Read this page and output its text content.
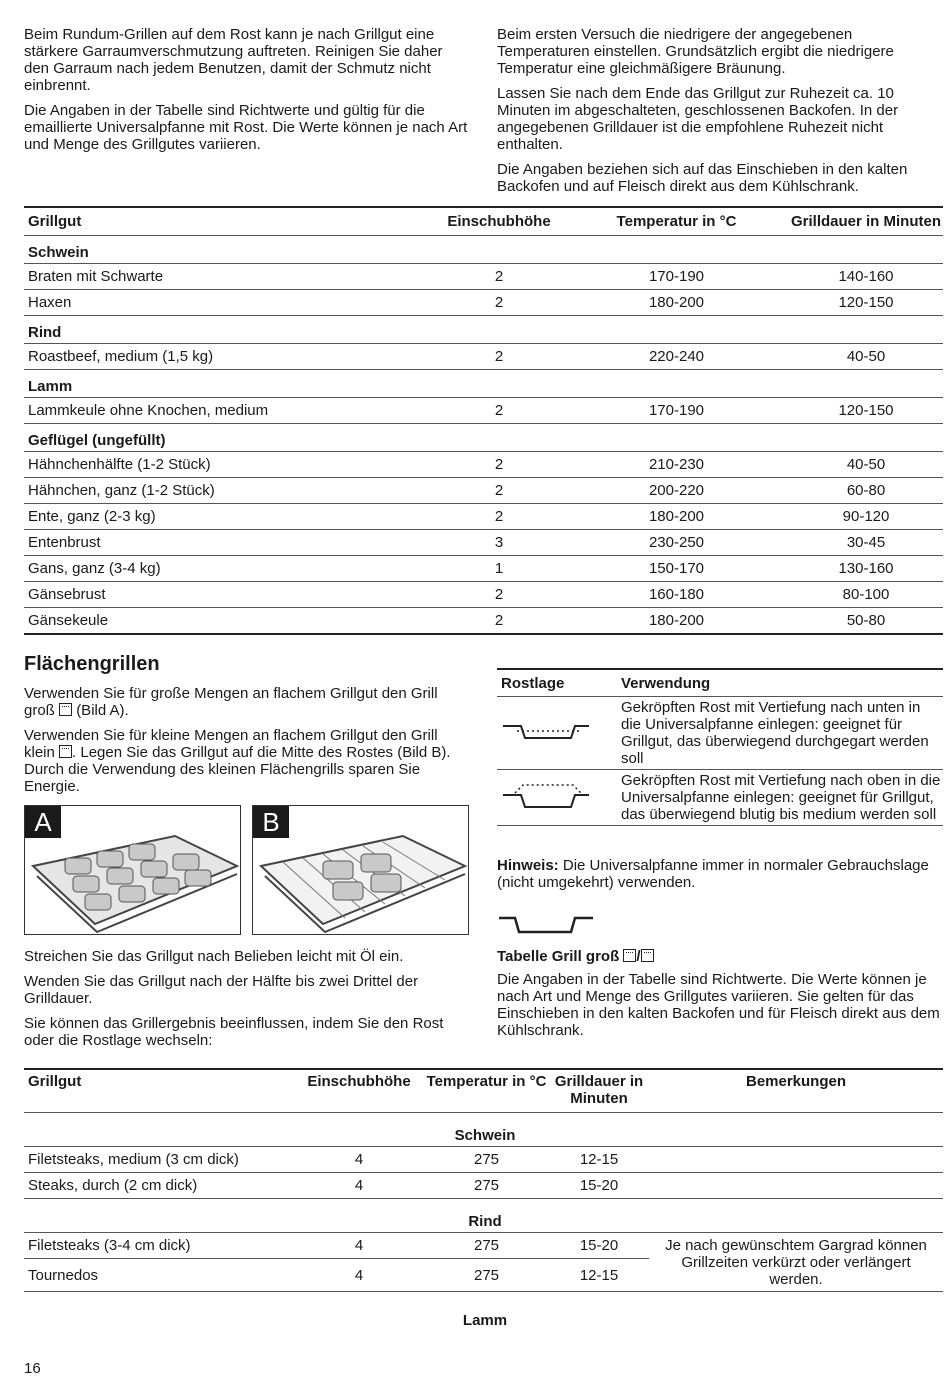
Beim Rundum-Grillen auf dem Rost kann je nach Grillgut eine stärkere Garraumverschmutzung auftreten. Reinigen Sie daher den Garraum nach jedem Benutzen, damit der Schmutz nicht einbrennt.

Die Angaben in der Tabelle sind Richtwerte und gültig für die emaillierte Universalpfanne mit Rost. Die Werte können je nach Art und Menge des Grillgutes variieren.

Beim ersten Versuch die niedrigere der angegebenen Temperaturen einstellen. Grundsätzlich ergibt die niedrigere Temperatur eine gleichmäßigere Bräunung.

Lassen Sie nach dem Ende das Grillgut zur Ruhezeit ca. 10 Minuten im abgeschalteten, geschlossenen Backofen. In der angegebenen Grilldauer ist die empfohlene Ruhezeit nicht enthalten.

Die Angaben beziehen sich auf das Einschieben in den kalten Backofen und auf Fleisch direkt aus dem Kühlschrank.

Grillgut	Einschubhöhe	Temperatur in °C	Grilldauer in Minuten
Schwein			
Braten mit Schwarte	2	170-190	140-160
Haxen	2	180-200	120-150
Rind			
Roastbeef, medium (1,5 kg)	2	220-240	40-50
Lamm			
Lammkeule ohne Knochen, medium	2	170-190	120-150
Geflügel (ungefüllt)			
Hähnchenhälfte (1-2 Stück)	2	210-230	40-50
Hähnchen, ganz (1-2 Stück)	2	200-220	60-80
Ente, ganz (2-3 kg)	2	180-200	90-120
Entenbrust	3	230-250	30-45
Gans, ganz (3-4 kg)	1	150-170	130-160
Gänsebrust	2	160-180	80-100
Gänsekeule	2	180-200	50-80
Flächengrillen

Verwenden Sie für große Mengen an flachem Grillgut den Grill groß (Bild A).

Verwenden Sie für kleine Mengen an flachem Grillgut den Grill klein . Legen Sie das Grillgut auf die Mitte des Rostes (Bild B). Durch die Verwendung des kleinen Flächengrills sparen Sie Energie.

A	B

Streichen Sie das Grillgut nach Belieben leicht mit Öl ein.

Wenden Sie das Grillgut nach der Hälfte bis zwei Drittel der Grilldauer.

Sie können das Grillergebnis beeinflussen, indem Sie den Rost oder die Rostlage wechseln:

Rostlage	Verwendung
	Gekröpften Rost mit Vertiefung nach unten in die Universalpfanne einlegen: geeignet für Grillgut, das überwiegend durchgegart werden soll
	Gekröpften Rost mit Vertiefung nach oben in die Universalpfanne einlegen: geeignet für Grillgut, das überwiegend blutig bis medium werden soll

Hinweis: Die Universalpfanne immer in normaler Gebrauchslage (nicht umgekehrt) verwenden.

Tabelle Grill groß /

Die Angaben in der Tabelle sind Richtwerte. Die Werte können je nach Art und Menge des Grillgutes variieren. Sie gelten für das Einschieben in den kalten Backofen und für Fleisch direkt aus dem Kühlschrank.

Grillgut	Einschubhöhe	Temperatur in °C	Grilldauer in Minuten	Bemerkungen
Schwein				
Filetsteaks, medium (3 cm dick)	4	275	12-15	
Steaks, durch (2 cm dick)	4	275	15-20	
Rind				
Filetsteaks (3-4 cm dick)	4	275	15-20	Je nach gewünschtem Gargrad können Grillzeiten verkürzt oder verlängert werden.
Tournedos	4	275	12-15	
Lamm				
16
